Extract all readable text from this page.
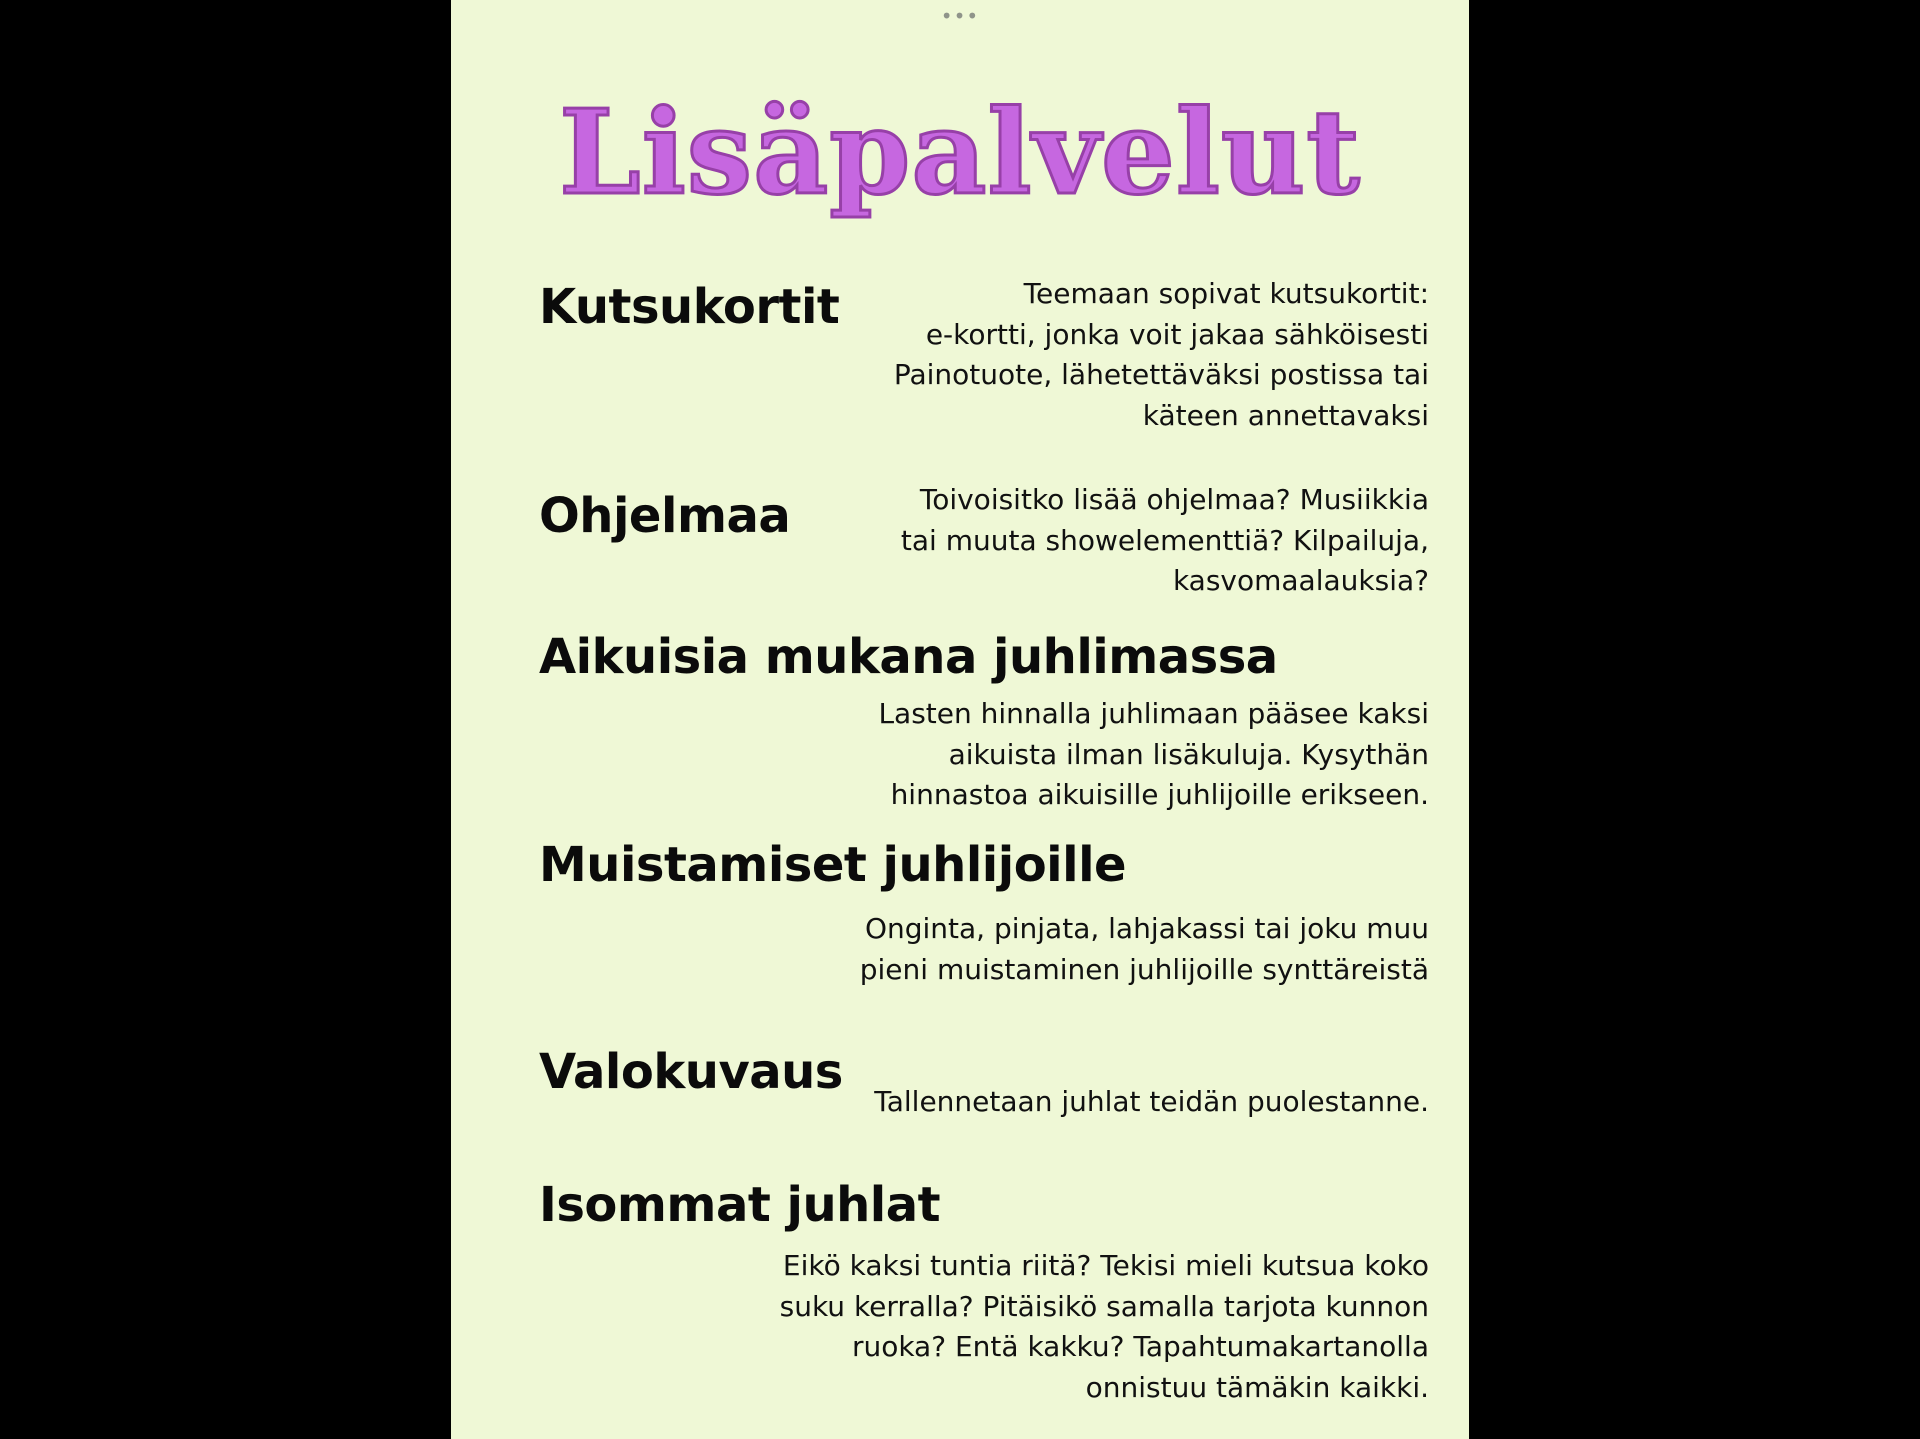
•••
Lisäpalvelut
Kutsukortit	Teemaan sopivat kutsukortit:
e-kortti, jonka voit jakaa sähköisesti
Painotuote, lähetettäväksi postissa tai
käteen annettavaksi
Ohjelmaa	Toivoisitko lisää ohjelmaa? Musiikkia
tai muuta showelementtiä? Kilpailuja,
kasvomaalauksia?
Aikuisia mukana juhlimassa
Lasten hinnalla juhlimaan pääsee kaksi
aikuista ilman lisäkuluja. Kysythän
hinnastoa aikuisille juhlijoille erikseen.
Muistamiset juhlijoille
Onginta, pinjata, lahjakassi tai joku muu
pieni muistaminen juhlijoille synttäreistä
Valokuvaus
Tallennetaan juhlat teidän puolestanne.
Isommat juhlat
Eikö kaksi tuntia riitä? Tekisi mieli kutsua koko
suku kerralla? Pitäisikö samalla tarjota kunnon
ruoka? Entä kakku? Tapahtumakartanolla
onnistuu tämäkin kaikki.
